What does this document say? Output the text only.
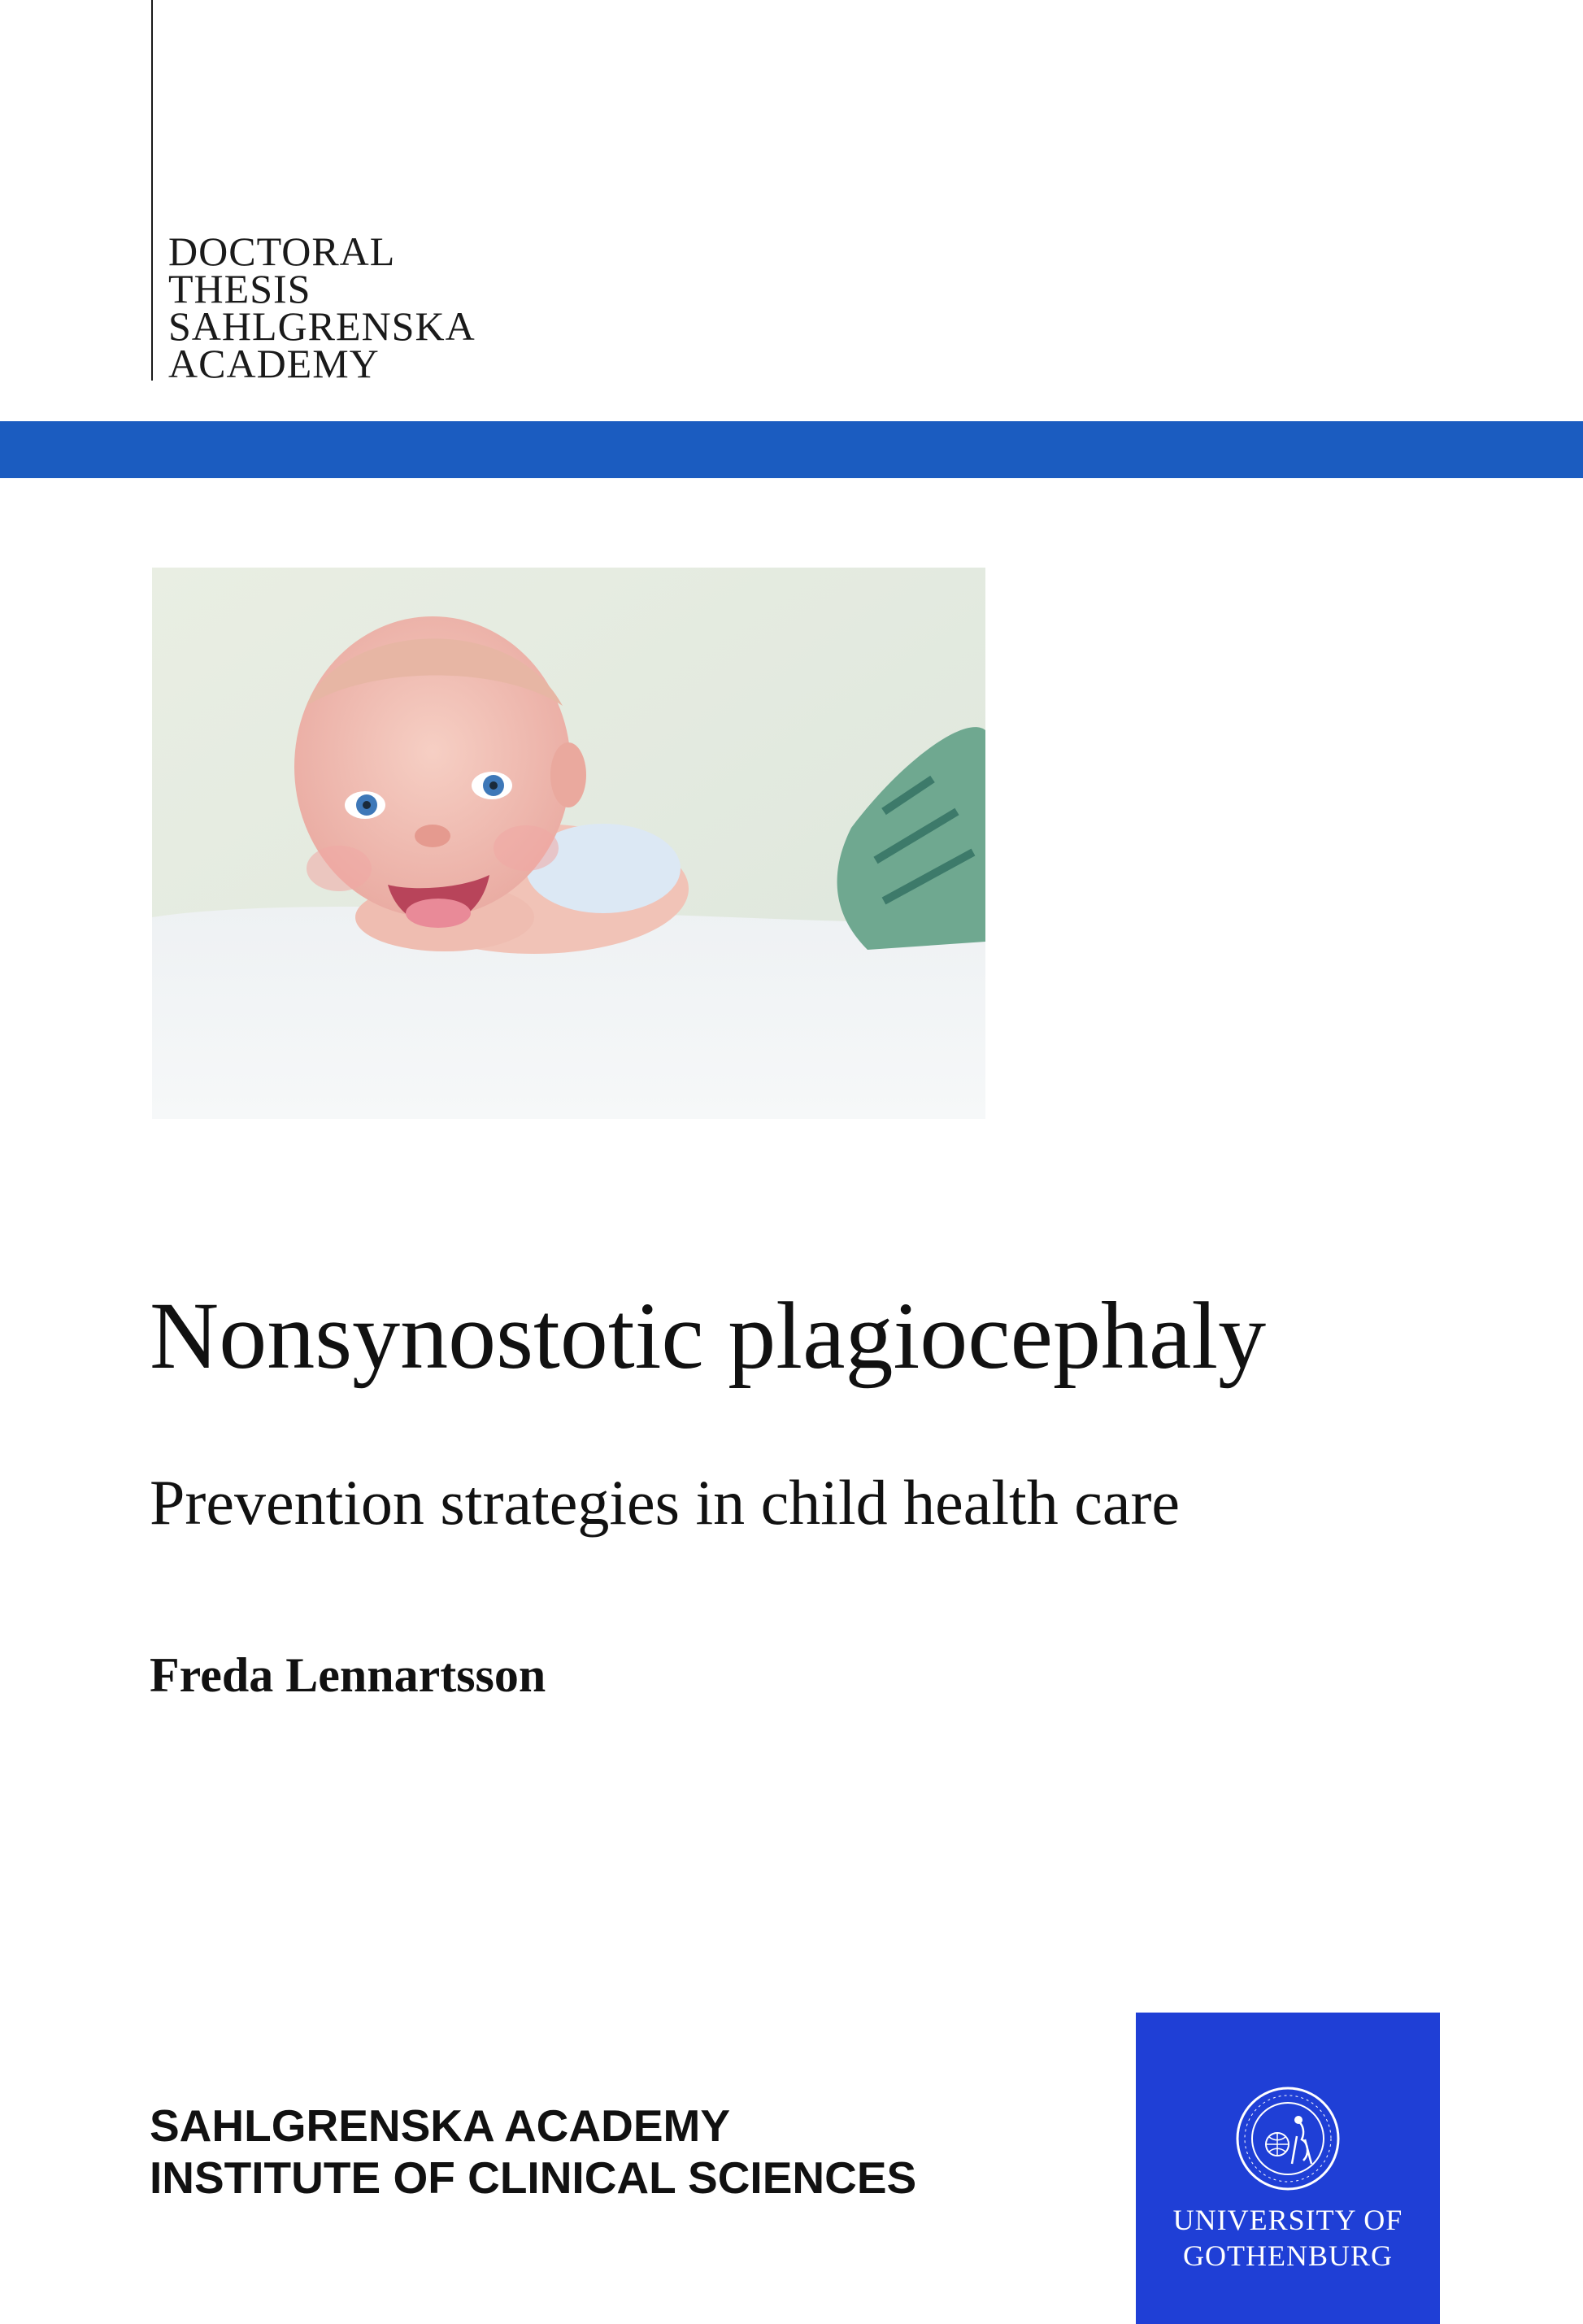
DOCTORAL
THESIS
SAHLGRENSKA
ACADEMY
Nonsynostotic plagiocephaly
Prevention strategies in child health care
Freda Lennartsson
SAHLGRENSKA ACADEMY
INSTITUTE OF CLINICAL SCIENCES
UNIVERSITY OF
GOTHENBURG
